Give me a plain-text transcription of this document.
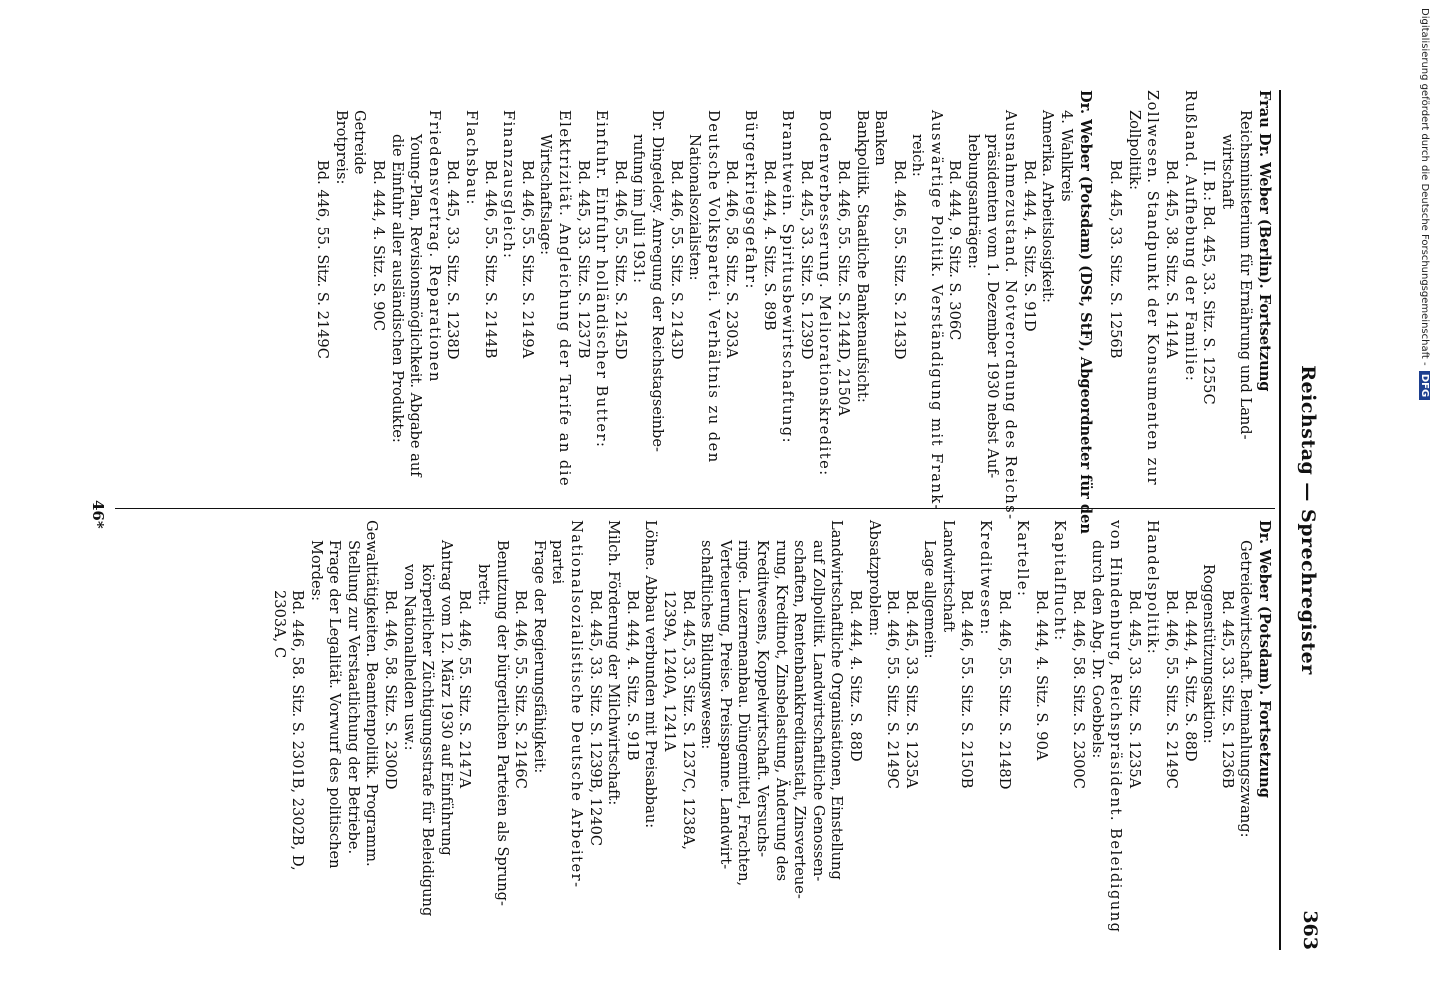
Digitalisierung gefördert durch die Deutsche Forschungsgemeinschaft - DFG
Reichstag — Sprechregister
363
Frau Dr. Weber (Berlin). Fortsetzung
Reichsministerium für Ernährung und Land-
wirtschaft
II. B.: Bd. 445, 33. Sitz. S. 1255C
Rußland. Aufhebung der Familie:
Bd. 445, 38. Sitz. S. 1414A
Zollwesen. Standpunkt der Konsumenten zur
Zollpolitik:
Bd. 445, 33. Sitz. S. 1256B
Dr. Weber (Potsdam) (DSt, StF), Abgeordneter für den
4. Wahlkreis
Amerika. Arbeitslosigkeit:
Bd. 444, 4. Sitz. S. 91D
Ausnahmezustand. Notverordnung des Reichs-
präsidenten vom 1. Dezember 1930 nebst Auf-
hebungsanträgen:
Bd. 444, 9. Sitz. S. 306C
Auswärtige Politik. Verständigung mit Frank-
reich:
Bd. 446, 55. Sitz. S. 2143D
Banken
Bankpolitik. Staatliche Bankenaufsicht:
Bd. 446, 55. Sitz. S. 2144D, 2150A
Bodenverbesserung. Meliorationskredite:
Bd. 445, 33. Sitz. S. 1239D
Branntwein. Spiritusbewirtschaftung:
Bd. 444, 4. Sitz. S. 89B
Bürgerkriegsgefahr:
Bd. 446, 58. Sitz. S. 2303A
Deutsche Volkspartei. Verhältnis zu den
Nationalsozialisten:
Bd. 446, 55. Sitz. S. 2143D
Dr. Dingeldey. Anregung der Reichstagseinbe-
rufung im Juli 1931:
Bd. 446, 55. Sitz. S. 2145D
Einfuhr. Einfuhr holländischer Butter:
Bd. 445, 33. Sitz. S. 1237B
Elektrizität. Angleichung der Tarife an die
Wirtschaftslage:
Bd. 446, 55. Sitz. S. 2149A
Finanzausgleich:
Bd. 446, 55. Sitz. S. 2144B
Flachsbau:
Bd. 445, 33. Sitz. S. 1238D
Friedensvertrag. Reparationen
Young-Plan, Revisionsmöglichkeit. Abgabe auf
die Einfuhr aller ausländischen Produkte:
Bd. 444, 4. Sitz. S. 90C
Getreide
Brotpreis:
Bd. 446, 55. Sitz. S. 2149C
Dr. Weber (Potsdam). Fortsetzung
Getreidewirtschaft. Beimahlungszwang:
Bd. 445, 33. Sitz. S. 1236B
Roggenstützungsaktion:
Bd. 444, 4. Sitz. S. 88D
Bd. 446, 55. Sitz. S. 2149C
Handelspolitik:
Bd. 445, 33. Sitz. S. 1235A
von Hindenburg, Reichspräsident. Beleidigung
durch den Abg. Dr. Goebbels:
Bd. 446, 58. Sitz. S. 2300C
Kapitalflucht:
Bd. 444, 4. Sitz. S. 90A
Kartelle:
Bd. 446, 55. Sitz. S. 2148D
Kreditwesen:
Bd. 446, 55. Sitz. S. 2150B
Landwirtschaft
Lage allgemein:
Bd. 445, 33. Sitz. S. 1235A
Bd. 446, 55. Sitz. S. 2149C
Absatzproblem:
Bd. 444, 4. Sitz. S. 88D
Landwirtschaftliche Organisationen, Einstellung
auf Zollpolitik. Landwirtschaftliche Genossen-
schaften, Rentenbankkreditanstalt, Zinsverteue-
rung, Kreditnot, Zinsbelastung, Änderung des
Kreditwesens, Koppelwirtschaft. Versuchs-
ringe. Luzernenanbau. Düngemittel, Frachten,
Verteuerung, Preise. Preisspanne. Landwirt-
schaftliches Bildungswesen:
Bd. 445, 33. Sitz. S. 1237C, 1238A,
1239A, 1240A, 1241A
Löhne. Abbau verbunden mit Preisabbau:
Bd. 444, 4. Sitz. S. 91B
Milch. Förderung der Milchwirtschaft:
Bd. 445, 33. Sitz. S. 1239B, 1240C
Nationalsozialistische Deutsche Arbeiter-
partei
Frage der Regierungsfähigkeit:
Bd. 446, 55. Sitz. S. 2146C
Benutzung der bürgerlichen Parteien als Sprung-
brett:
Bd. 446, 55. Sitz. S. 2147A
Antrag vom 12. März 1930 auf Einführung
körperlicher Züchtigungsstrafe für Beleidigung
von Nationalhelden usw.:
Bd. 446, 58. Sitz. S. 2300D
Gewalttätigkeiten. Beamtenpolitik. Programm.
Stellung zur Verstaatlichung der Betriebe.
Frage der Legalität. Vorwurf des politischen
Mordes:
Bd. 446, 58. Sitz. S. 2301B, 2302B, D,
2303A, C
46*
